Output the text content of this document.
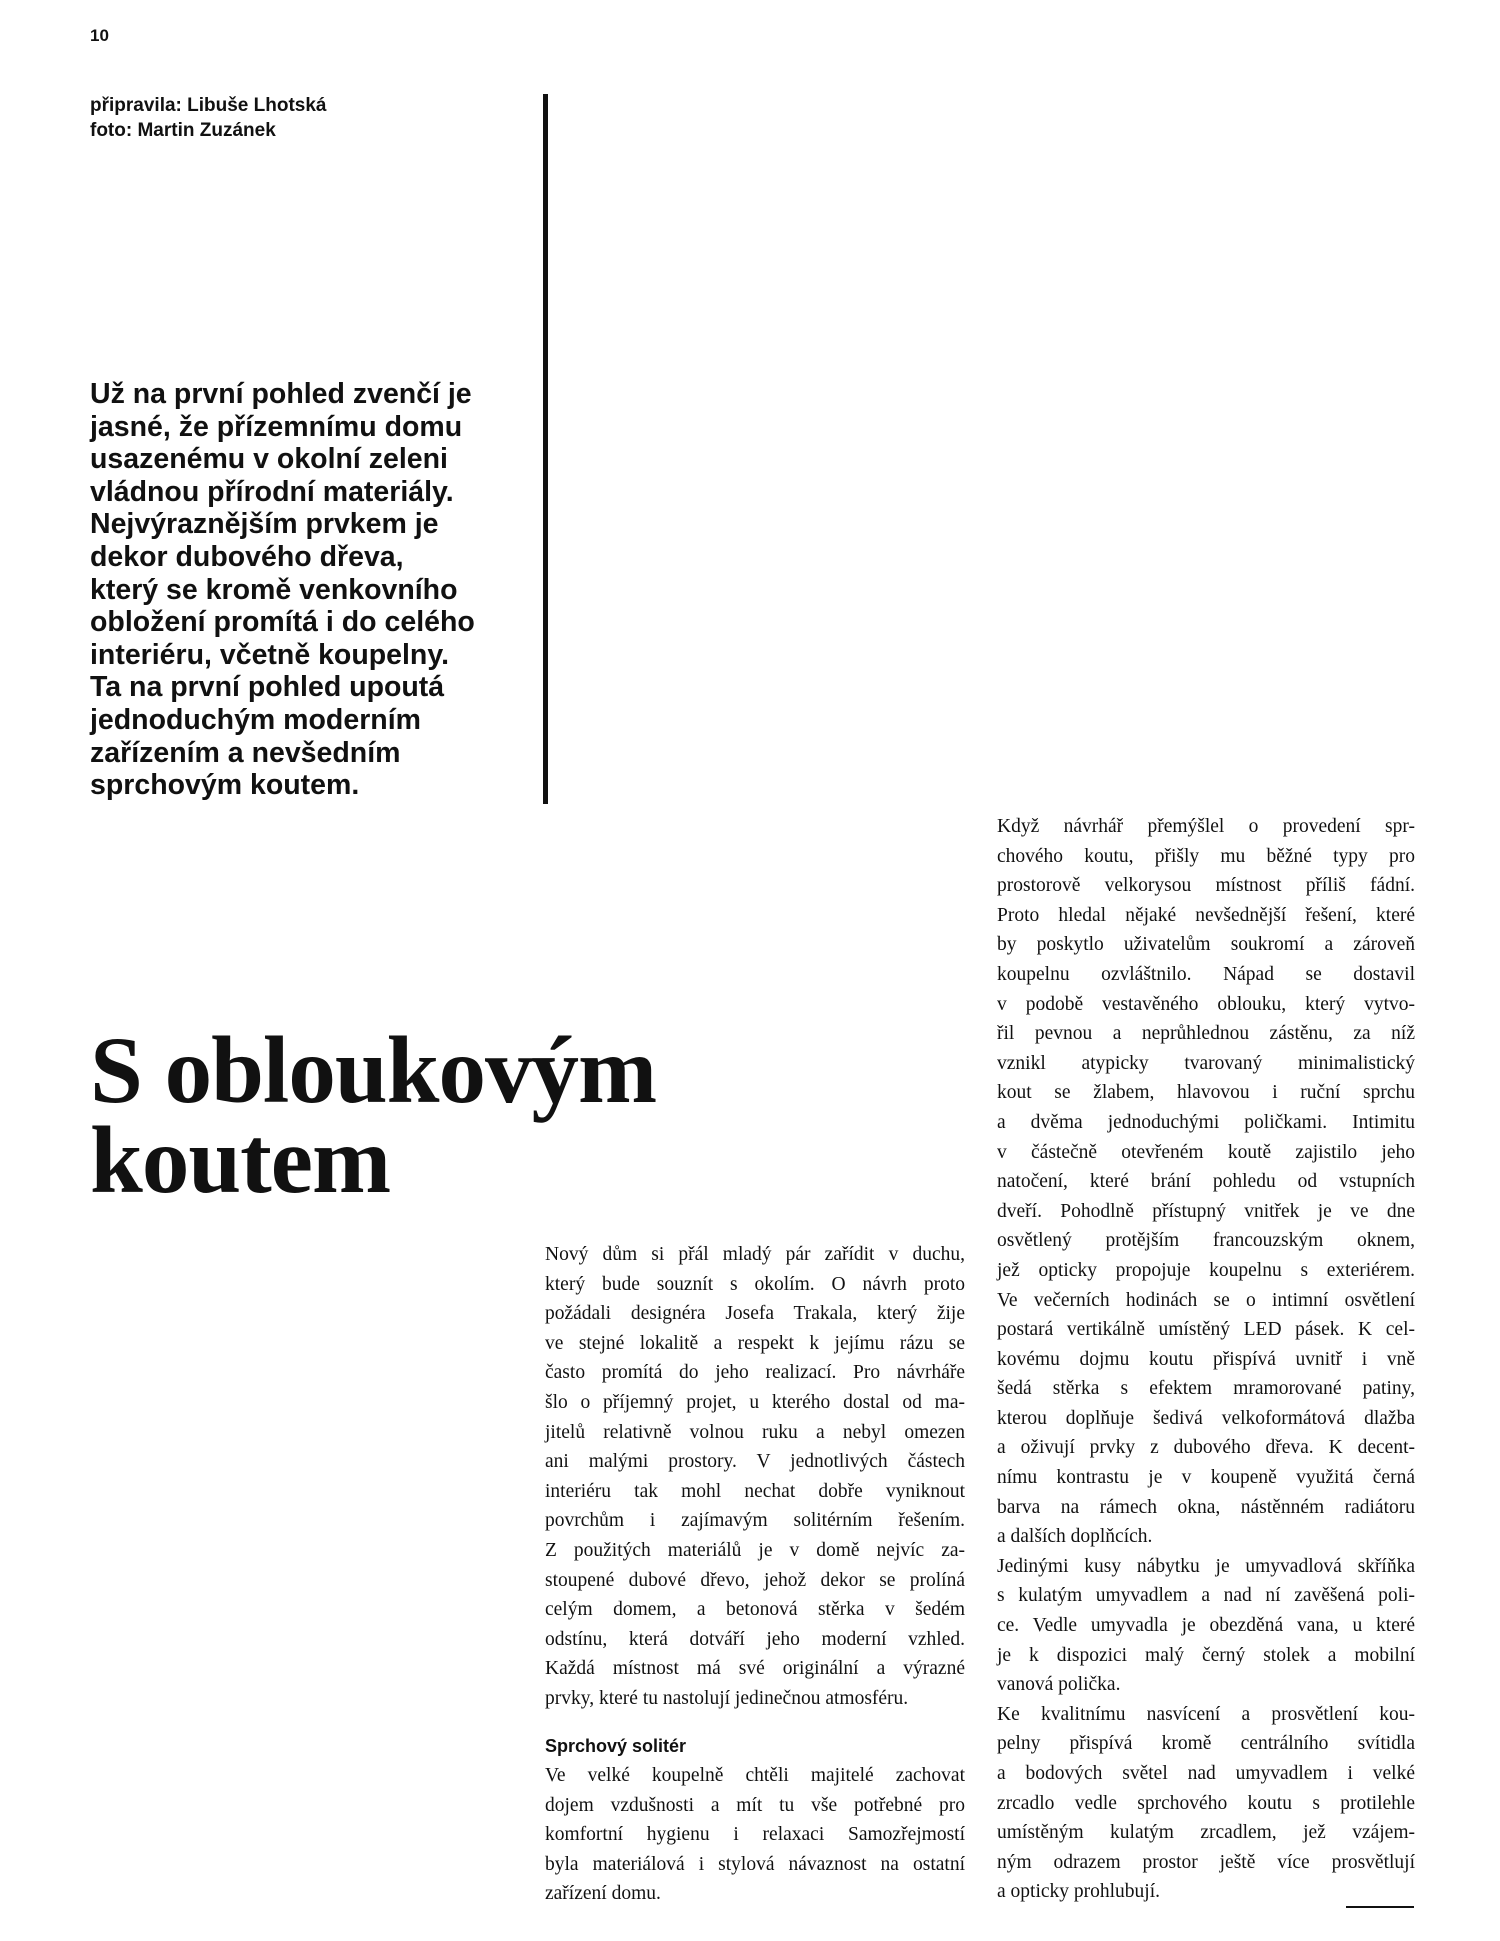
10
připravila: Libuše Lhotská
foto: Martin Zuzánek
Už na první pohled zvenčí je
jasné, že přízemnímu domu
usazenému v okolní zeleni
vládnou přírodní materiály.
Nejvýraznějším prvkem je
dekor dubového dřeva,
který se kromě venkovního
obložení promítá i do celého
interiéru, včetně koupelny.
Ta na první pohled upoutá
jednoduchým moderním
zařízením a nevšedním
sprchovým koutem.
S obloukovým
koutem
Nový dům si přál mladý pár zařídit v duchu,
který bude souznít s okolím. O návrh proto
požádali designéra Josefa Trakala, který žije
ve stejné lokalitě a respekt k jejímu rázu se
často promítá do jeho realizací. Pro návrháře
šlo o příjemný projet, u kterého dostal od ma-
jitelů relativně volnou ruku a nebyl omezen
ani malými prostory. V jednotlivých částech
interiéru tak mohl nechat dobře vyniknout
povrchům i zajímavým solitérním řešením.
Z použitých materiálů je v domě nejvíc za-
stoupené dubové dřevo, jehož dekor se prolíná
celým domem, a betonová stěrka v šedém
odstínu, která dotváří jeho moderní vzhled.
Každá místnost má své originální a výrazné
prvky, které tu nastolují jedinečnou atmosféru.
Sprchový solitér
Ve velké koupelně chtěli majitelé zachovat
dojem vzdušnosti a mít tu vše potřebné pro
komfortní hygienu i relaxaci Samozřejmostí
byla materiálová i stylová návaznost na ostatní
zařízení domu.
Když návrhář přemýšlel o provedení spr-
chového koutu, přišly mu běžné typy pro
prostorově velkorysou místnost příliš fádní.
Proto hledal nějaké nevšednější řešení, které
by poskytlo uživatelům soukromí a zároveň
koupelnu ozvláštnilo. Nápad se dostavil
v podobě vestavěného oblouku, který vytvo-
řil pevnou a neprůhlednou zástěnu, za níž
vznikl atypicky tvarovaný minimalistický
kout se žlabem, hlavovou i ruční sprchu
a dvěma jednoduchými poličkami. Intimitu
v částečně otevřeném koutě zajistilo jeho
natočení, které brání pohledu od vstupních
dveří. Pohodlně přístupný vnitřek je ve dne
osvětlený protějším francouzským oknem,
jež opticky propojuje koupelnu s exteriérem.
Ve večerních hodinách se o intimní osvětlení
postará vertikálně umístěný LED pásek. K cel-
kovému dojmu koutu přispívá uvnitř i vně
šedá stěrka s efektem mramorované patiny,
kterou doplňuje šedivá velkoformátová dlažba
a oživují prvky z dubového dřeva. K decent-
nímu kontrastu je v koupeně využitá černá
barva na rámech okna, nástěnném radiátoru
a dalších doplňcích.
Jedinými kusy nábytku je umyvadlová skříňka
s kulatým umyvadlem a nad ní zavěšená poli-
ce. Vedle umyvadla je obezděná vana, u které
je k dispozici malý černý stolek a mobilní
vanová polička.
Ke kvalitnímu nasvícení a prosvětlení kou-
pelny přispívá kromě centrálního svítidla
a bodových světel nad umyvadlem i velké
zrcadlo vedle sprchového koutu s protilehle
umístěným kulatým zrcadlem, jež vzájem-
ným odrazem prostor ještě více prosvětlují
a opticky prohlubují.
